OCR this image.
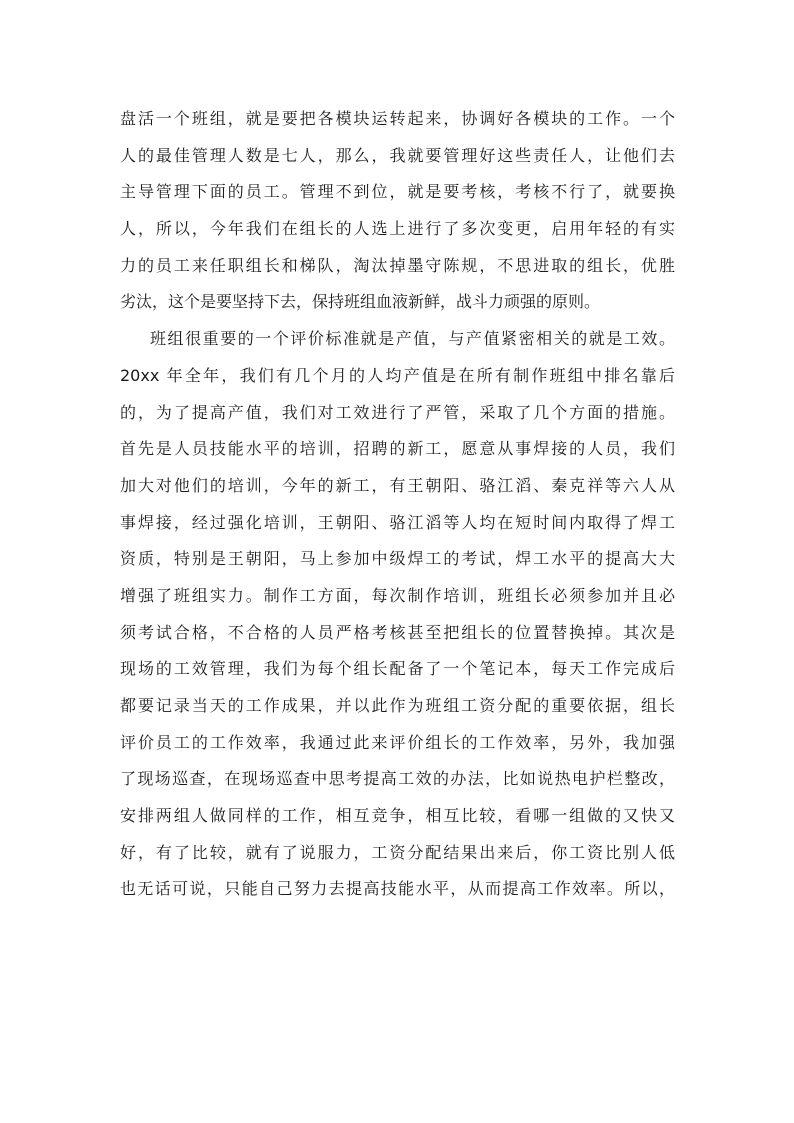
盘活一个班组，就是要把各模块运转起来，协调好各模块的工作。一个
人的最佳管理人数是七人，那么，我就要管理好这些责任人，让他们去
主导管理下面的员工。管理不到位，就是要考核，考核不行了，就要换
人，所以，今年我们在组长的人选上进行了多次变更，启用年轻的有实
力的员工来任职组长和梯队，淘汰掉墨守陈规，不思进取的组长，优胜
劣汰，这个是要坚持下去，保持班组血液新鲜，战斗力顽强的原则。
班组很重要的一个评价标准就是产值，与产值紧密相关的就是工效。
20xx 年全年，我们有几个月的人均产值是在所有制作班组中排名靠后
的，为了提高产值，我们对工效进行了严管，采取了几个方面的措施。
首先是人员技能水平的培训，招聘的新工，愿意从事焊接的人员，我们
加大对他们的培训，今年的新工，有王朝阳、骆江滔、秦克祥等六人从
事焊接，经过强化培训，王朝阳、骆江滔等人均在短时间内取得了焊工
资质，特别是王朝阳，马上参加中级焊工的考试，焊工水平的提高大大
增强了班组实力。制作工方面，每次制作培训，班组长必须参加并且必
须考试合格，不合格的人员严格考核甚至把组长的位置替换掉。其次是
现场的工效管理，我们为每个组长配备了一个笔记本，每天工作完成后
都要记录当天的工作成果，并以此作为班组工资分配的重要依据，组长
评价员工的工作效率，我通过此来评价组长的工作效率，另外，我加强
了现场巡查，在现场巡查中思考提高工效的办法，比如说热电护栏整改，
安排两组人做同样的工作，相互竞争，相互比较，看哪一组做的又快又
好，有了比较，就有了说服力，工资分配结果出来后，你工资比别人低
也无话可说，只能自己努力去提高技能水平，从而提高工作效率。所以，
